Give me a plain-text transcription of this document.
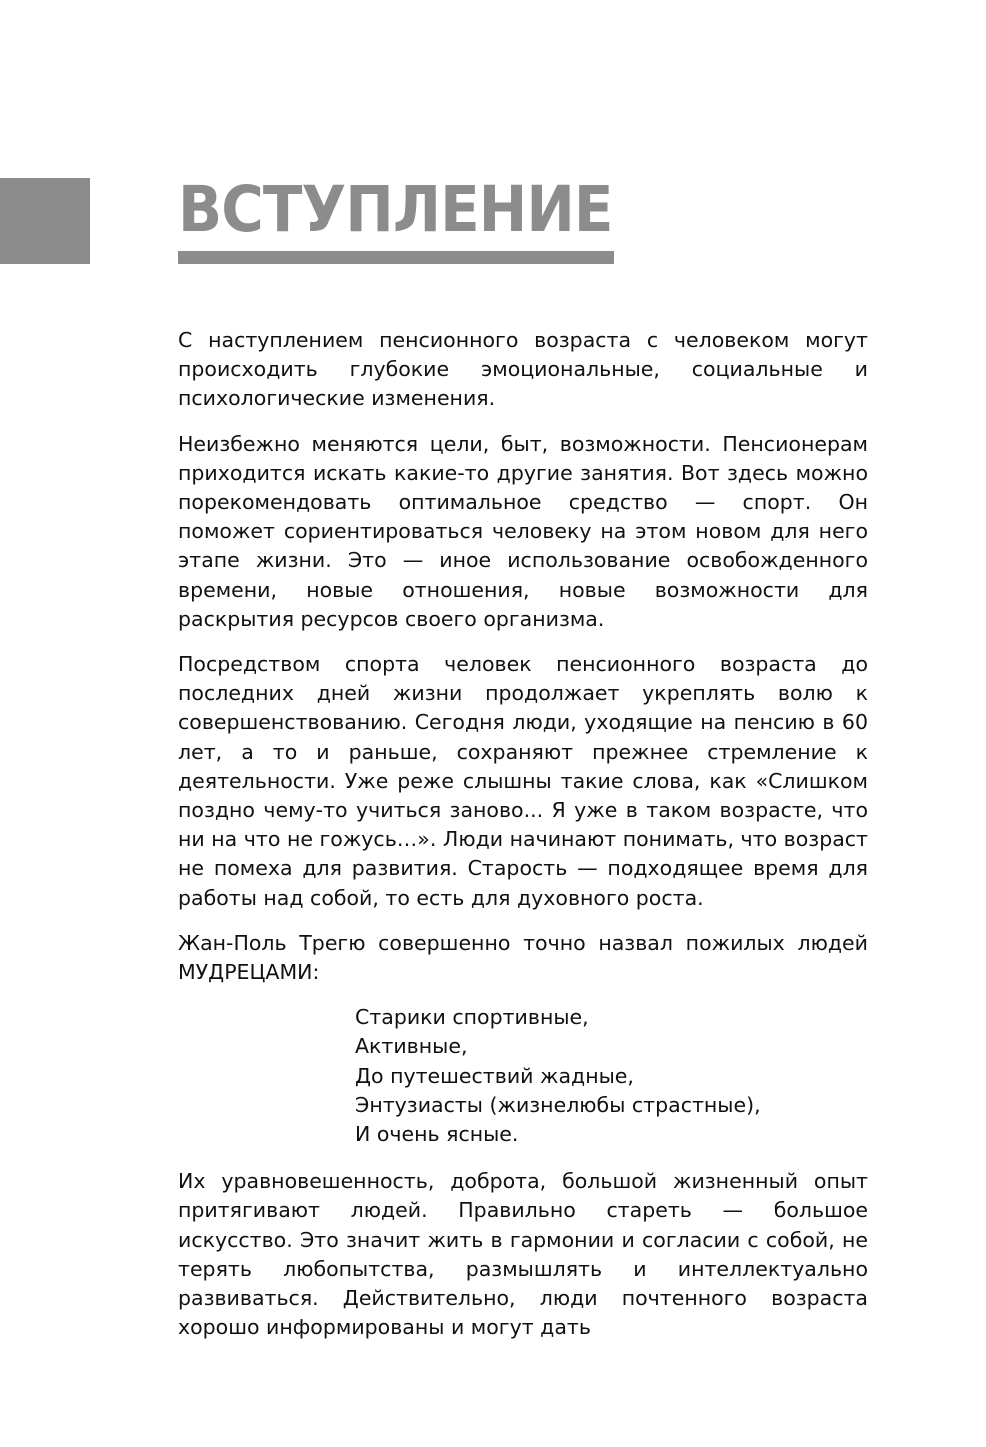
ВСТУПЛЕНИЕ

С наступлением пенсионного возраста с человеком могут происходить глубокие эмоциональные, социальные и психологические изменения.

Неизбежно меняются цели, быт, возможности. Пенсионерам приходится искать какие-то другие занятия. Вот здесь можно порекомендовать оптимальное средство — спорт. Он поможет сориентироваться человеку на этом новом для него этапе жизни. Это — иное использование освобожденного времени, новые отношения, новые возможности для раскрытия ресурсов своего организма.

Посредством спорта человек пенсионного возраста до последних дней жизни продолжает укреплять волю к совершенствованию. Сегодня люди, уходящие на пенсию в 60 лет, а то и раньше, сохраняют прежнее стремление к деятельности. Уже реже слышны такие слова, как «Слишком поздно чему-то учиться заново... Я уже в таком возрасте, что ни на что не гожусь…». Люди начинают понимать, что возраст не помеха для развития. Старость — подходящее время для работы над собой, то есть для духовного роста.

Жан-Поль Трегю совершенно точно назвал пожилых людей МУДРЕЦАМИ:

Старики спортивные,
Активные,
До путешествий жадные,
Энтузиасты (жизнелюбы страстные),
И очень ясные.

Их уравновешенность, доброта, большой жизненный опыт притягивают людей. Правильно стареть — большое искусство. Это значит жить в гармонии и согласии с собой, не терять любопытства, размышлять и интеллектуально развиваться. Действительно, люди почтенного возраста хорошо информированы и могут дать
